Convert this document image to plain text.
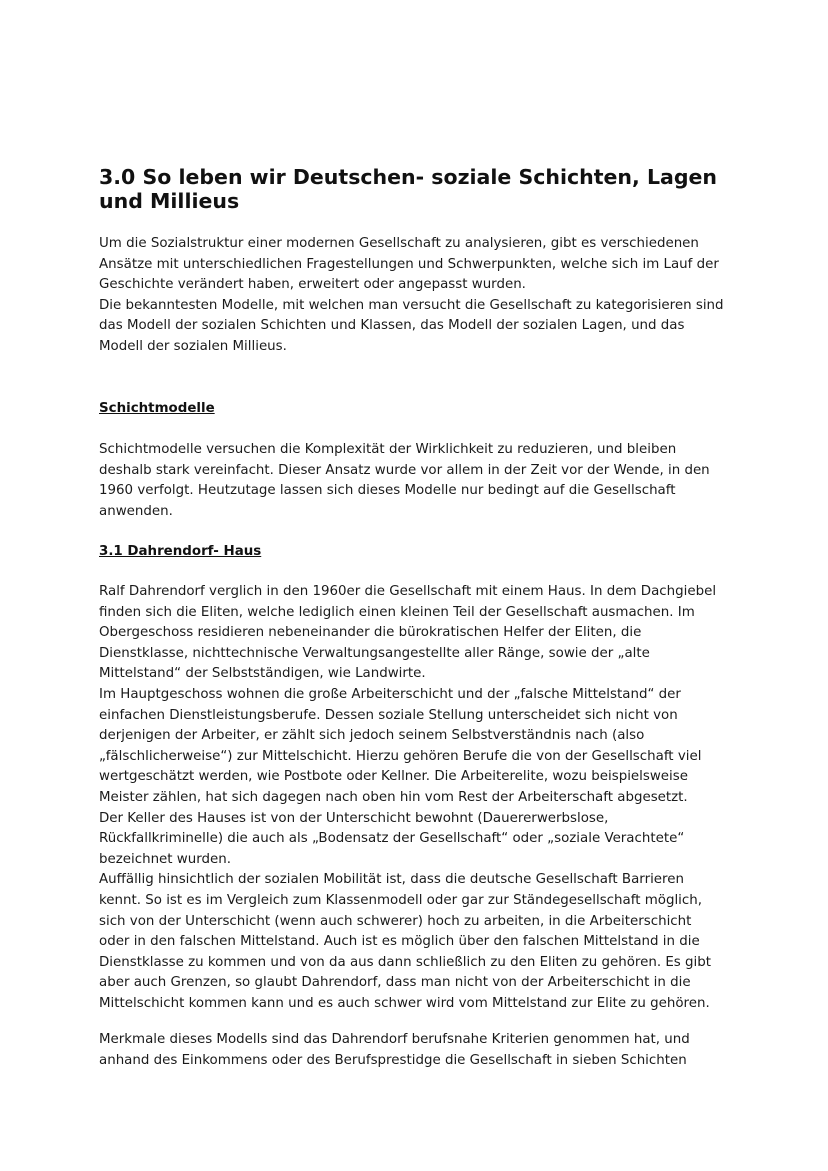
3.0 So leben wir Deutschen- soziale Schichten, Lagen
und Millieus

Um die Sozialstruktur einer modernen Gesellschaft zu analysieren, gibt es verschiedenen
Ansätze mit unterschiedlichen Fragestellungen und Schwerpunkten, welche sich im Lauf der
Geschichte verändert haben, erweitert oder angepasst wurden.
Die bekanntesten Modelle, mit welchen man versucht die Gesellschaft zu kategorisieren sind
das Modell der sozialen Schichten und Klassen, das Modell der sozialen Lagen, und das
Modell der sozialen Millieus.

Schichtmodelle

Schichtmodelle versuchen die Komplexität der Wirklichkeit zu reduzieren, und bleiben
deshalb stark vereinfacht. Dieser Ansatz wurde vor allem in der Zeit vor der Wende, in den
1960 verfolgt. Heutzutage lassen sich dieses Modelle nur bedingt auf die Gesellschaft
anwenden.

3.1 Dahrendorf- Haus

Ralf Dahrendorf verglich in den 1960er die Gesellschaft mit einem Haus. In dem Dachgiebel
finden sich die Eliten, welche lediglich einen kleinen Teil der Gesellschaft ausmachen. Im
Obergeschoss residieren nebeneinander die bürokratischen Helfer der Eliten, die
Dienstklasse, nichttechnische Verwaltungsangestellte aller Ränge, sowie der „alte
Mittelstand“ der Selbstständigen, wie Landwirte.
Im Hauptgeschoss wohnen die große Arbeiterschicht und der „falsche Mittelstand“ der
einfachen Dienstleistungsberufe. Dessen soziale Stellung unterscheidet sich nicht von
derjenigen der Arbeiter, er zählt sich jedoch seinem Selbstverständnis nach (also
„fälschlicherweise“) zur Mittelschicht. Hierzu gehören Berufe die von der Gesellschaft viel
wertgeschätzt werden, wie Postbote oder Kellner. Die Arbeiterelite, wozu beispielsweise
Meister zählen, hat sich dagegen nach oben hin vom Rest der Arbeiterschaft abgesetzt.
Der Keller des Hauses ist von der Unterschicht bewohnt (Dauererwerbslose,
Rückfallkriminelle) die auch als „Bodensatz der Gesellschaft“ oder „soziale Verachtete“
bezeichnet wurden.
Auffällig hinsichtlich der sozialen Mobilität ist, dass die deutsche Gesellschaft Barrieren
kennt. So ist es im Vergleich zum Klassenmodell oder gar zur Ständegesellschaft möglich,
sich von der Unterschicht (wenn auch schwerer) hoch zu arbeiten, in die Arbeiterschicht
oder in den falschen Mittelstand. Auch ist es möglich über den falschen Mittelstand in die
Dienstklasse zu kommen und von da aus dann schließlich zu den Eliten zu gehören. Es gibt
aber auch Grenzen, so glaubt Dahrendorf, dass man nicht von der Arbeiterschicht in die
Mittelschicht kommen kann und es auch schwer wird vom Mittelstand zur Elite zu gehören.

Merkmale dieses Modells sind das Dahrendorf berufsnahe Kriterien genommen hat, und
anhand des Einkommens oder des Berufsprestidge die Gesellschaft in sieben Schichten
